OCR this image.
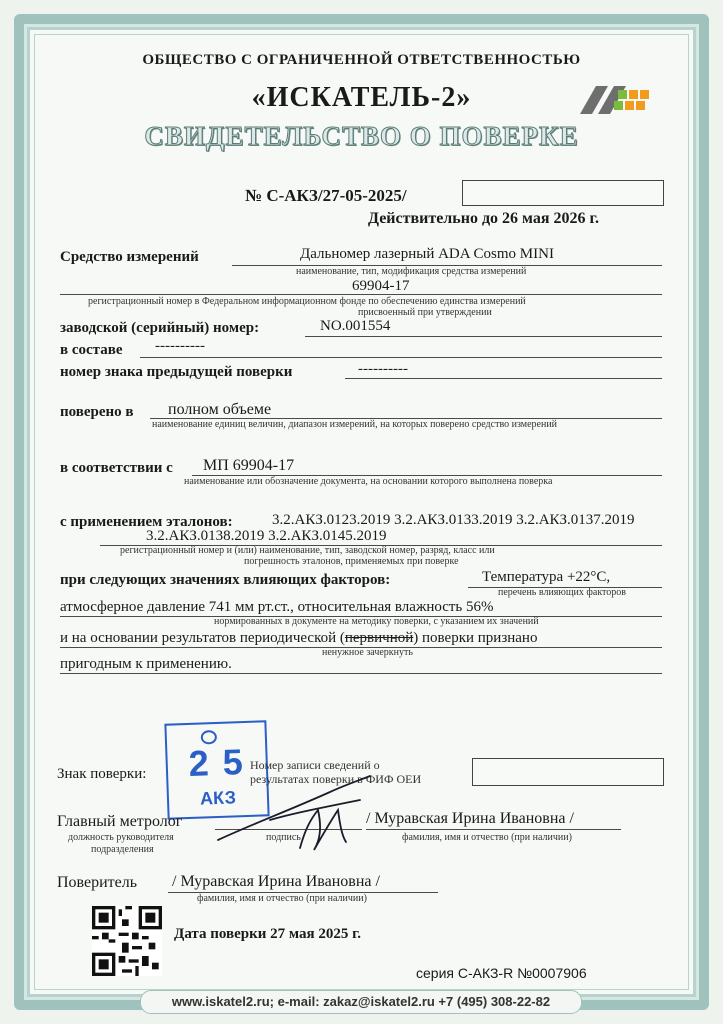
ОБЩЕСТВО С ОГРАНИЧЕННОЙ ОТВЕТСТВЕННОСТЬЮ
«ИСКАТЕЛЬ-2»
СВИДЕТЕЛЬСТВО О ПОВЕРКЕ
№ С-АКЗ/27-05-2025/
Действительно до 26 мая 2026 г.
Средство измерений	Дальномер лазерный ADA Cosmo MINI
наименование, тип, модификация средства измерений
69904-17
регистрационный номер в Федеральном информационном фонде по обеспечению единства измерений
присвоенный при утверждении
заводской (серийный) номер:	NO.001554
в составе ----------
номер знака предыдущей поверки	----------
поверено в полном объеме
наименование единиц величин, диапазон измерений, на которых поверено средство измерений
в соответствии с МП 69904-17
наименование или обозначение документа, на основании которого выполнена поверка
с применением эталонов:	3.2.АКЗ.0123.2019 3.2.АКЗ.0133.2019 3.2.АКЗ.0137.2019
3.2.АКЗ.0138.2019 3.2.АКЗ.0145.2019
регистрационный номер и (или) наименование, тип, заводской номер, разряд, класс или
погрешность эталонов, применяемых при поверке
при следующих значениях влияющих факторов:	Температура +22°С,
перечень влияющих факторов
атмосферное давление 741 мм рт.ст., относительная влажность 56%
нормированных в документе на методику поверки, с указанием их значений
и на основании результатов периодической (первичной) поверки признано
ненужное зачеркнуть
пригодным к применению.
Знак поверки:	2 5
АКЗ
Номер записи сведений о
результатах поверки в ФИФ ОЕИ
Главный метролог
должность руководителя
подразделения
подпись
/ Муравская Ирина Ивановна /
фамилия, имя и отчество (при наличии)
Поверитель / Муравская Ирина Ивановна /
фамилия, имя и отчество (при наличии)
Дата поверки 27 мая 2025 г.
серия С-АКЗ-R №0007906
www.iskatel2.ru; e-mail: zakaz@iskatel2.ru +7 (495) 308-22-82
